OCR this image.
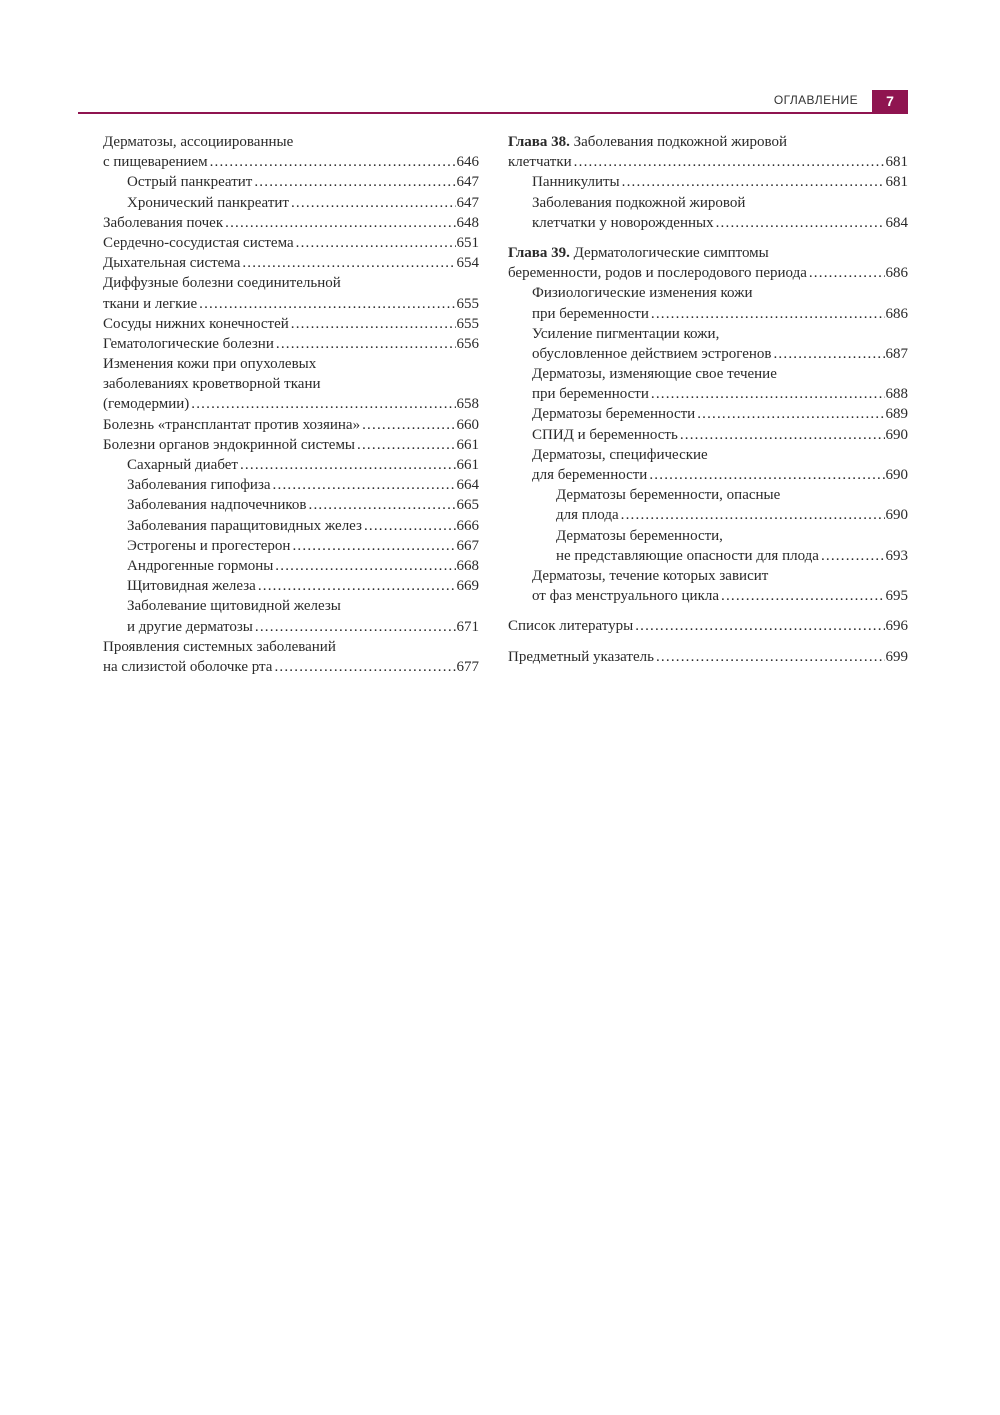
ОГЛАВЛЕНИЕ	7
Дерматозы, ассоциированные
с пищеварением .....	646
Острый панкреатит .....	647
Хронический панкреатит .....	647
Заболевания почек .....	648
Сердечно-сосудистая система .....	651
Дыхательная система .....	654
Диффузные болезни соединительной
ткани и легкие .....	655
Сосуды нижних конечностей .....	655
Гематологические болезни .....	656
Изменения кожи при опухолевых
заболеваниях кроветворной ткани
(гемодермии) .....	658
Болезнь «трансплантат против хозяина» .....	660
Болезни органов эндокринной системы .....	661
Сахарный диабет .....	661
Заболевания гипофиза .....	664
Заболевания надпочечников .....	665
Заболевания паращитовидных желез .....	666
Эстрогены и прогестерон .....	667
Андрогенные гормоны .....	668
Щитовидная железа .....	669
Заболевание щитовидной железы
и другие дерматозы .....	671
Проявления системных заболеваний
на слизистой оболочке рта .....	677
Глава 38. Заболевания подкожной жировой
клетчатки .....	681
Панникулиты .....	681
Заболевания подкожной жировой
клетчатки у новорожденных .....	684
Глава 39. Дерматологические симптомы
беременности, родов и послеродового периода .....	686
Физиологические изменения кожи
при беременности .....	686
Усиление пигментации кожи,
обусловленное действием эстрогенов .....	687
Дерматозы, изменяющие свое течение
при беременности .....	688
Дерматозы беременности .....	689
СПИД и беременность .....	690
Дерматозы, специфические
для беременности .....	690
Дерматозы беременности, опасные
для плода .....	690
Дерматозы беременности,
не представляющие опасности для плода .....	693
Дерматозы, течение которых зависит
от фаз менструального цикла .....	695
Список литературы .....	696
Предметный указатель .....	699
